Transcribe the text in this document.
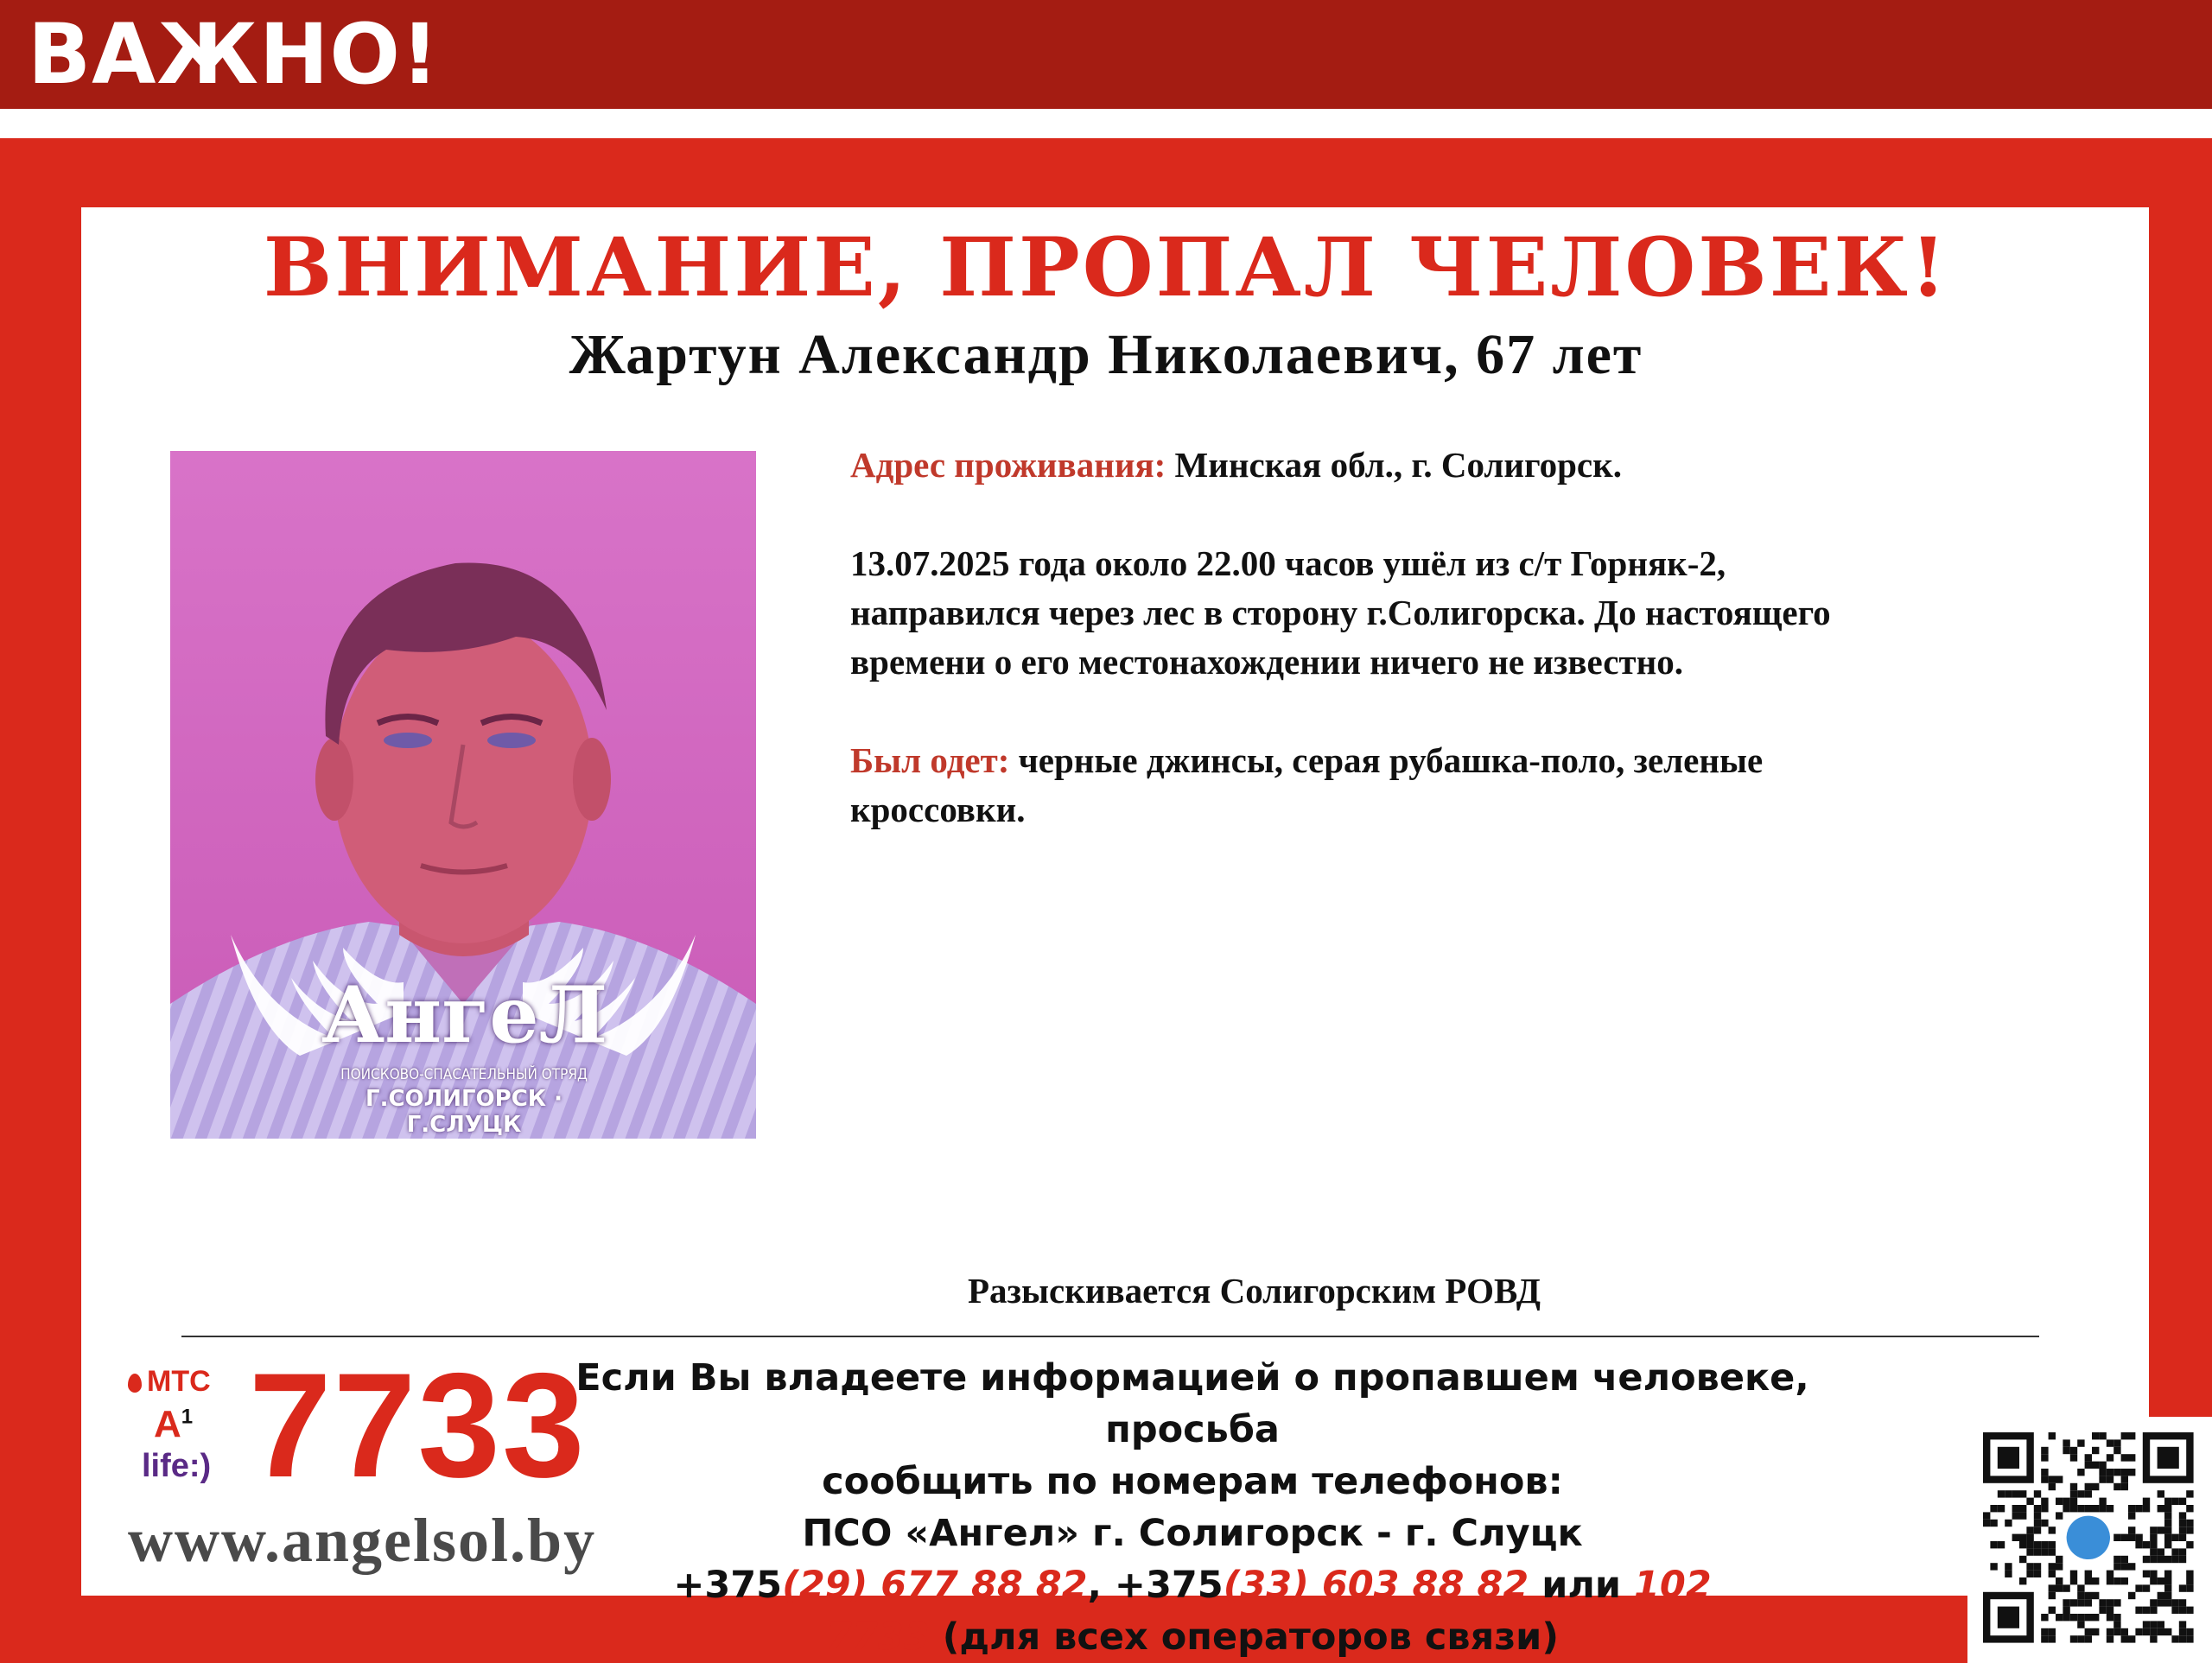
ВАЖНО!
ВНИМАНИЕ, ПРОПАЛ ЧЕЛОВЕК!
Жартун Александр Николаевич, 67 лет
АнгеЛ
ПОИСКОВО-СПАСАТЕЛЬНЫЙ ОТРЯД
Г.СОЛИГОРСК · Г.СЛУЦК

Адрес проживания: Минская обл., г. Солигорск.

13.07.2025 года около 22.00 часов ушёл из с/т Горняк-2,

направился через лес в сторону г.Солигорска. До настоящего

времени о его местонахождении ничего не известно.

Был одет: черные джинсы, серая рубашка-поло, зеленые

кроссовки.

Разыскивается Солигорским РОВД
МТС
$A^1$
life:) 7733
www.angelsol.by

Если Вы владеете информацией о пропавшем человеке, просьба

сообщить по номерам телефонов:

ПСО «Ангел» г. Солигорск - г. Слуцк

+375(29) 677 88 82, +375(33) 603 88 82 или 102

7733 (для всех операторов связи)
